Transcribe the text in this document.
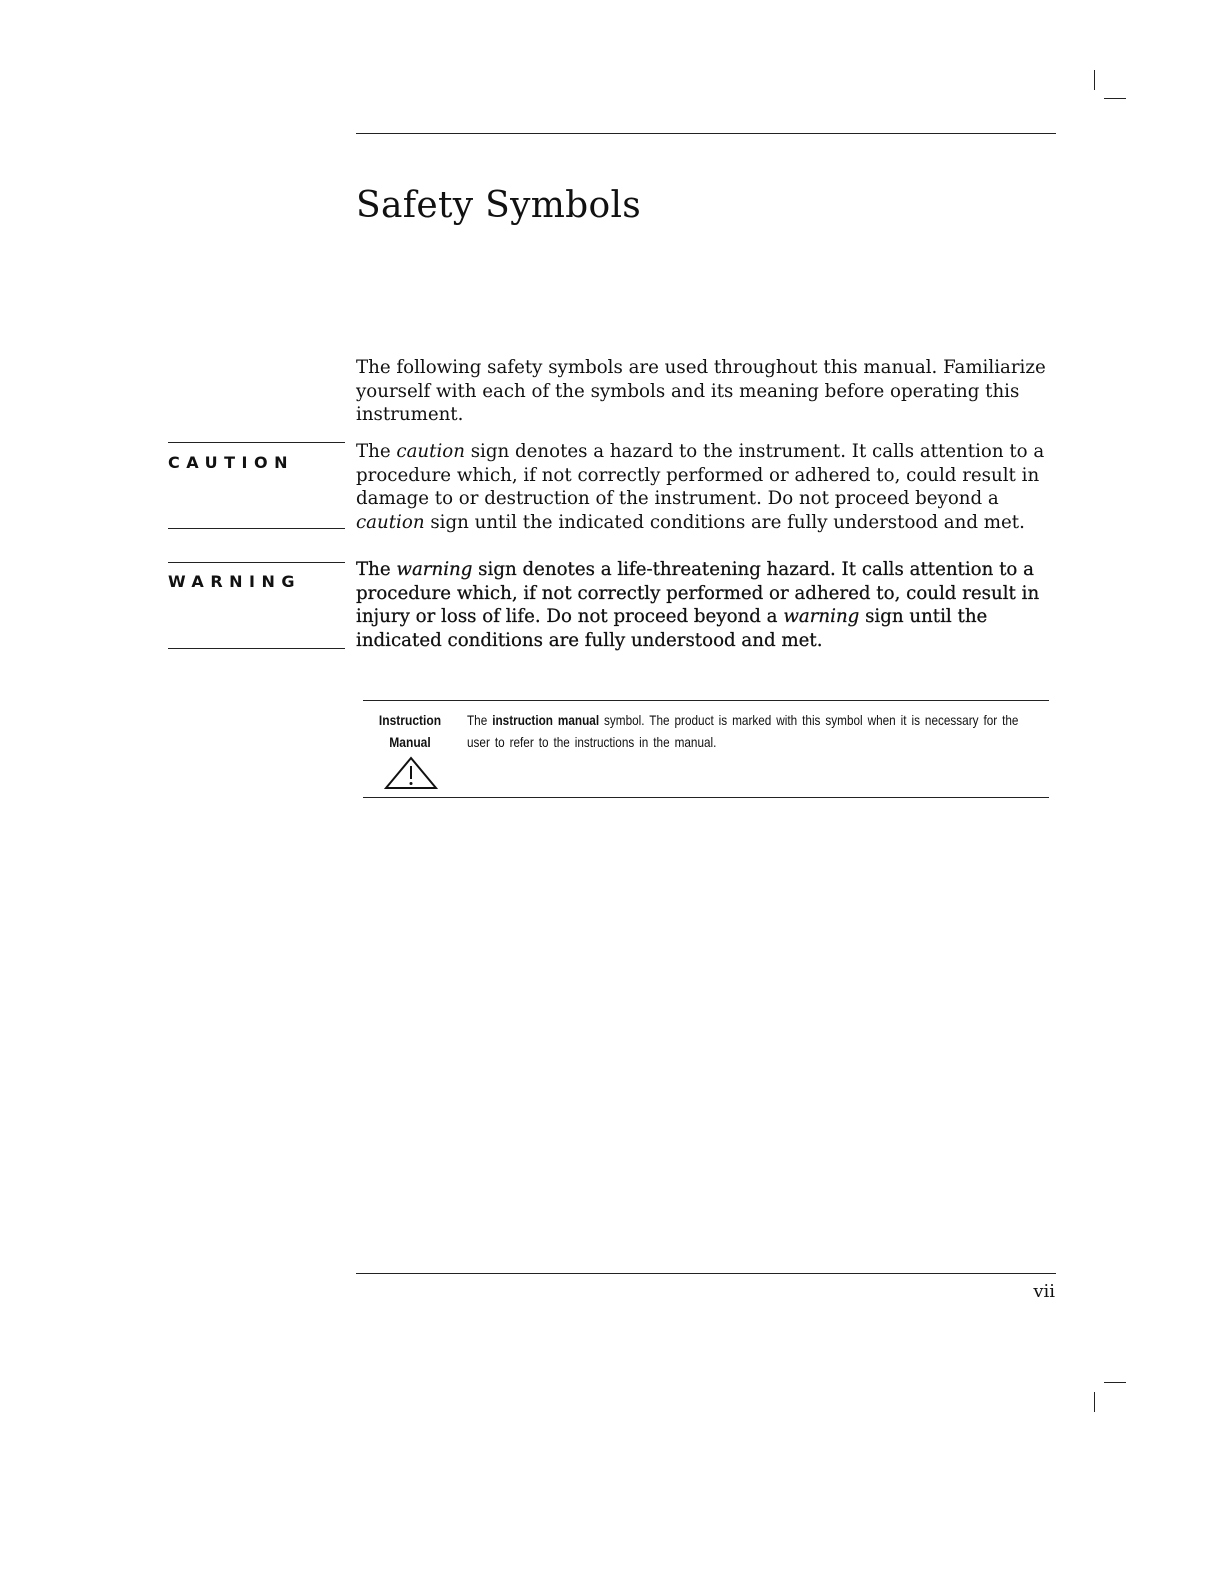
Safety Symbols

The following safety symbols are used throughout this manual. Familiarize yourself with each of the symbols and its meaning before operating this instrument.

CAUTION

The caution sign denotes a hazard to the instrument. It calls attention to a procedure which, if not correctly performed or adhered to, could result in damage to or destruction of the instrument. Do not proceed beyond a caution sign until the indicated conditions are fully understood and met.

WARNING

The warning sign denotes a life-threatening hazard. It calls attention to a procedure which, if not correctly performed or adhered to, could result in injury or loss of life. Do not proceed beyond a warning sign until the indicated conditions are fully understood and met.

Instruction
Manual
The instruction manual symbol. The product is marked with this symbol when it is necessary for the user to refer to the instructions in the manual.
vii
